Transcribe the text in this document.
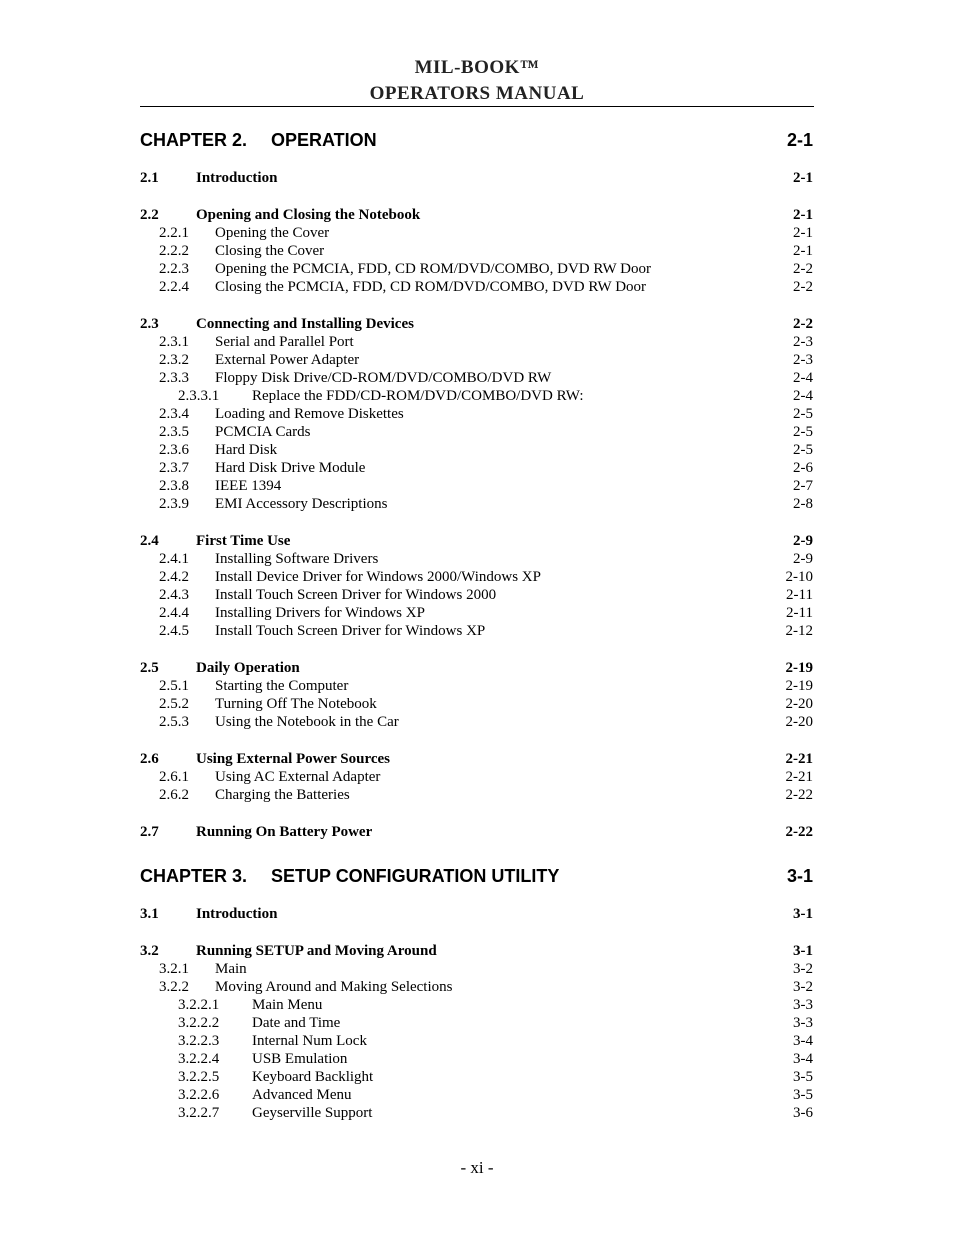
MIL-BOOK™
OPERATORS MANUAL
CHAPTER 2. OPERATION	2-1
2.1 Introduction	2-1
2.2 Opening and Closing the Notebook	2-1
2.2.1 Opening the Cover	2-1
2.2.2 Closing the Cover	2-1
2.2.3 Opening the PCMCIA, FDD, CD ROM/DVD/COMBO, DVD RW Door	2-2
2.2.4 Closing the PCMCIA, FDD, CD ROM/DVD/COMBO, DVD RW Door	2-2
2.3 Connecting and Installing Devices	2-2
2.3.1 Serial and Parallel Port	2-3
2.3.2 External Power Adapter	2-3
2.3.3 Floppy Disk Drive/CD-ROM/DVD/COMBO/DVD RW	2-4
2.3.3.1 Replace the FDD/CD-ROM/DVD/COMBO/DVD RW:	2-4
2.3.4 Loading and Remove Diskettes	2-5
2.3.5 PCMCIA Cards	2-5
2.3.6 Hard Disk	2-5
2.3.7 Hard Disk Drive Module	2-6
2.3.8 IEEE 1394	2-7
2.3.9 EMI Accessory Descriptions	2-8
2.4 First Time Use	2-9
2.4.1 Installing Software Drivers	2-9
2.4.2 Install Device Driver for Windows 2000/Windows XP	2-10
2.4.3 Install Touch Screen Driver for Windows 2000	2-11
2.4.4 Installing Drivers for Windows XP	2-11
2.4.5 Install Touch Screen Driver for Windows XP	2-12
2.5 Daily Operation	2-19
2.5.1 Starting the Computer	2-19
2.5.2 Turning Off The Notebook	2-20
2.5.3 Using the Notebook in the Car	2-20
2.6 Using External Power Sources	2-21
2.6.1 Using AC External Adapter	2-21
2.6.2 Charging the Batteries	2-22
2.7 Running On Battery Power	2-22
CHAPTER 3. SETUP CONFIGURATION UTILITY	3-1
3.1 Introduction	3-1
3.2 Running SETUP and Moving Around	3-1
3.2.1 Main	3-2
3.2.2 Moving Around and Making Selections	3-2
3.2.2.1 Main Menu	3-3
3.2.2.2 Date and Time	3-3
3.2.2.3 Internal Num Lock	3-4
3.2.2.4 USB Emulation	3-4
3.2.2.5 Keyboard Backlight	3-5
3.2.2.6 Advanced Menu	3-5
3.2.2.7 Geyserville Support	3-6
- xi -
